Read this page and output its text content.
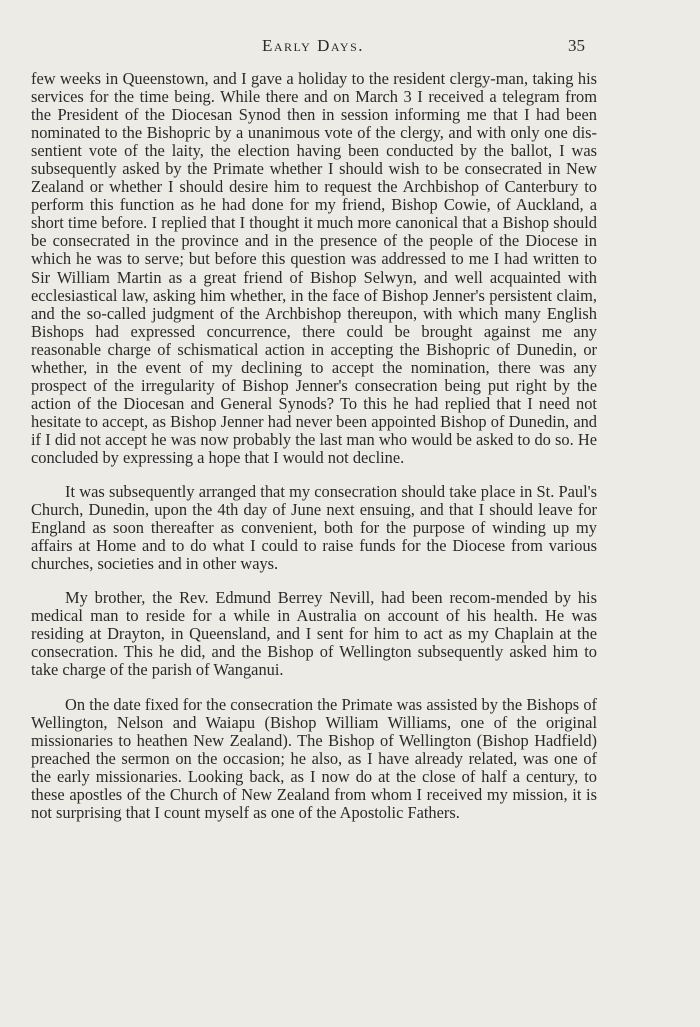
Early Days.	35

few weeks in Queenstown, and I gave a holiday to the resident clergy-man, taking his services for the time being. While there and on March 3 I received a telegram from the President of the Diocesan Synod then in session informing me that I had been nominated to the Bishopric by a unanimous vote of the clergy, and with only one dis-sentient vote of the laity, the election having been conducted by the ballot, I was subsequently asked by the Primate whether I should wish to be consecrated in New Zealand or whether I should desire him to request the Archbishop of Canterbury to perform this function as he had done for my friend, Bishop Cowie, of Auckland, a short time before. I replied that I thought it much more canonical that a Bishop should be consecrated in the province and in the presence of the people of the Diocese in which he was to serve; but before this question was addressed to me I had written to Sir William Martin as a great friend of Bishop Selwyn, and well acquainted with ecclesiastical law, asking him whether, in the face of Bishop Jenner's persistent claim, and the so-called judgment of the Archbishop thereupon, with which many English Bishops had expressed concurrence, there could be brought against me any reasonable charge of schismatical action in accepting the Bishopric of Dunedin, or whether, in the event of my declining to accept the nomination, there was any prospect of the irregularity of Bishop Jenner's consecration being put right by the action of the Diocesan and General Synods? To this he had replied that I need not hesitate to accept, as Bishop Jenner had never been appointed Bishop of Dunedin, and if I did not accept he was now probably the last man who would be asked to do so. He concluded by expressing a hope that I would not decline.

It was subsequently arranged that my consecration should take place in St. Paul's Church, Dunedin, upon the 4th day of June next ensuing, and that I should leave for England as soon thereafter as convenient, both for the purpose of winding up my affairs at Home and to do what I could to raise funds for the Diocese from various churches, societies and in other ways.

My brother, the Rev. Edmund Berrey Nevill, had been recom-mended by his medical man to reside for a while in Australia on account of his health. He was residing at Drayton, in Queensland, and I sent for him to act as my Chaplain at the consecration. This he did, and the Bishop of Wellington subsequently asked him to take charge of the parish of Wanganui.

On the date fixed for the consecration the Primate was assisted by the Bishops of Wellington, Nelson and Waiapu (Bishop William Williams, one of the original missionaries to heathen New Zealand). The Bishop of Wellington (Bishop Hadfield) preached the sermon on the occasion; he also, as I have already related, was one of the early missionaries. Looking back, as I now do at the close of half a century, to these apostles of the Church of New Zealand from whom I received my mission, it is not surprising that I count myself as one of the Apostolic Fathers.
